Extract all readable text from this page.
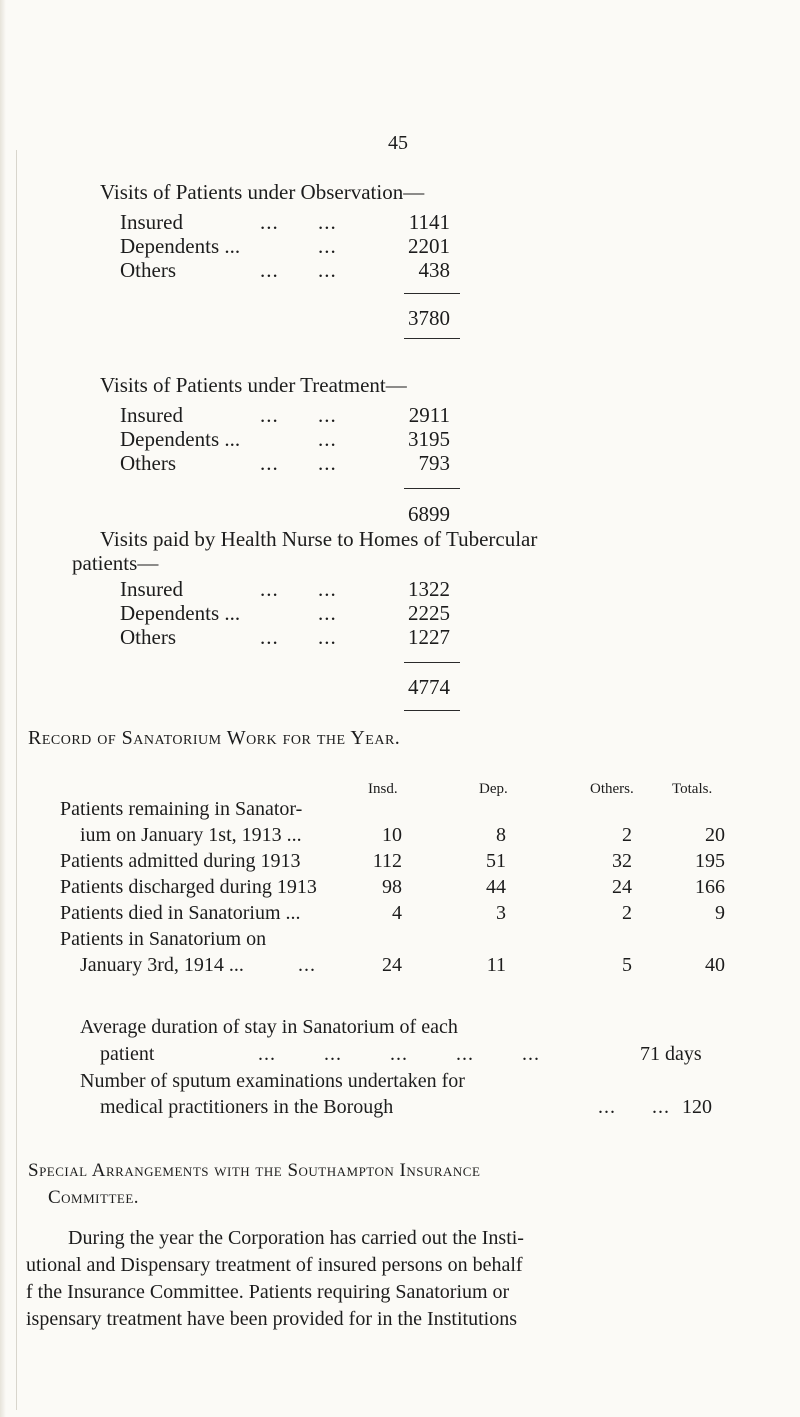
45
Visits of Patients under Observation—
Insured	... ...	1141
Dependents ...	...	2201
Others	... ...	438
3780
Visits of Patients under Treatment—
Insured	... ...	2911
Dependents ...	...	3195
Others	... ...	793
6899
Visits paid by Health Nurse to Homes of Tubercular
patients—
Insured	... ...	1322
Dependents ...	...	2225
Others	... ...	1227
4774
Record of Sanatorium Work for the Year.
Insd.	Dep.	Others.	Totals.
Patients remaining in Sanator-
ium on January 1st, 1913 ...	10	8	2	20
Patients admitted during 1913	112	51	32	195
Patients discharged during 1913	98	44	24	166
Patients died in Sanatorium ...	4	3	2	9
Patients in Sanatorium on
January 3rd, 1914 ...	...	24	11	5	40
Average duration of stay in Sanatorium of each
patient	...        ...        ...        ...        ...	71 days
Number of sputum examinations undertaken for
medical practitioners in the Borough	...      ... 120
Special Arrangements with the Southampton Insurance
Committee.
During the year the Corporation has carried out the Insti-
utional and Dispensary treatment of insured persons on behalf
f the Insurance Committee. Patients requiring Sanatorium or
ispensary treatment have been provided for in the Institutions
